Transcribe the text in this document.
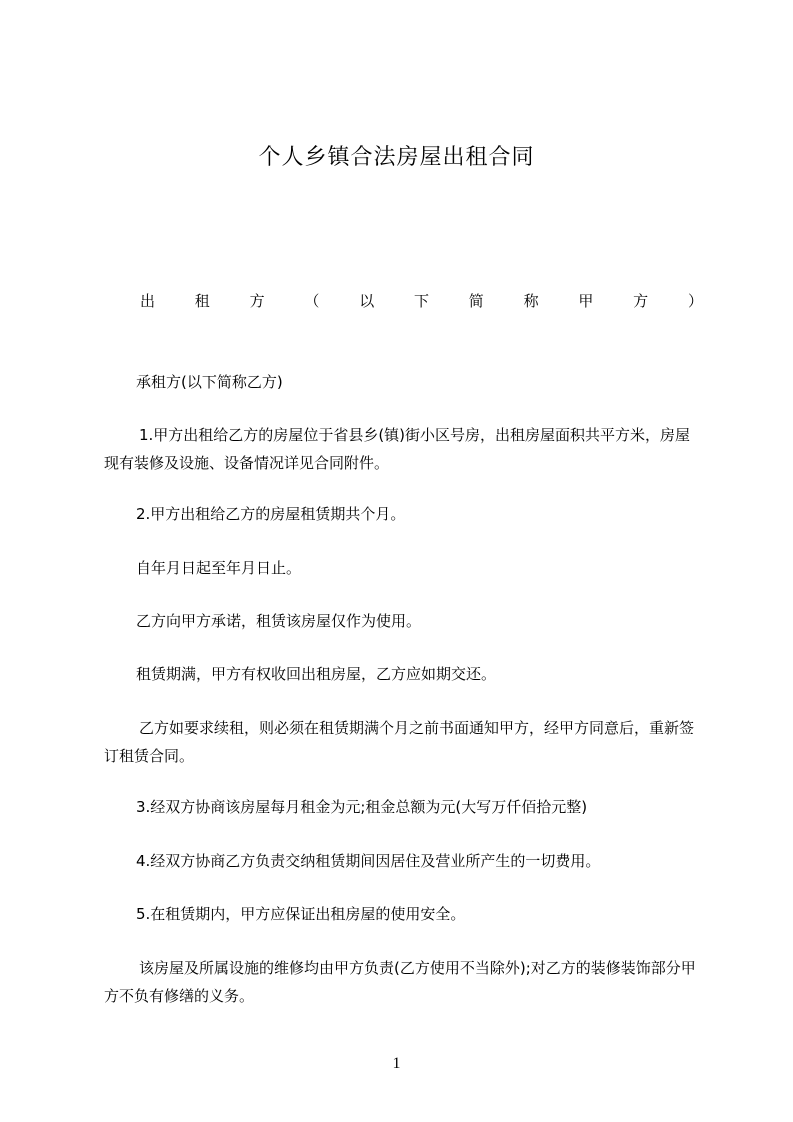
个人乡镇合法房屋出租合同
出	租	方	（	以	下	简	称	甲	方	）
承租方(以下简称乙方)
1.甲方出租给乙方的房屋位于省县乡(镇)街小区号房，出租房屋面积共平方米，房屋现有装修及设施、设备情况详见合同附件。
2.甲方出租给乙方的房屋租赁期共个月。
自年月日起至年月日止。
乙方向甲方承诺，租赁该房屋仅作为使用。
租赁期满，甲方有权收回出租房屋，乙方应如期交还。
乙方如要求续租，则必须在租赁期满个月之前书面通知甲方，经甲方同意后，重新签订租赁合同。
3.经双方协商该房屋每月租金为元;租金总额为元(大写万仟佰拾元整)
4.经双方协商乙方负责交纳租赁期间因居住及营业所产生的一切费用。
5.在租赁期内，甲方应保证出租房屋的使用安全。
该房屋及所属设施的维修均由甲方负责(乙方使用不当除外);对乙方的装修装饰部分甲方不负有修缮的义务。
1
